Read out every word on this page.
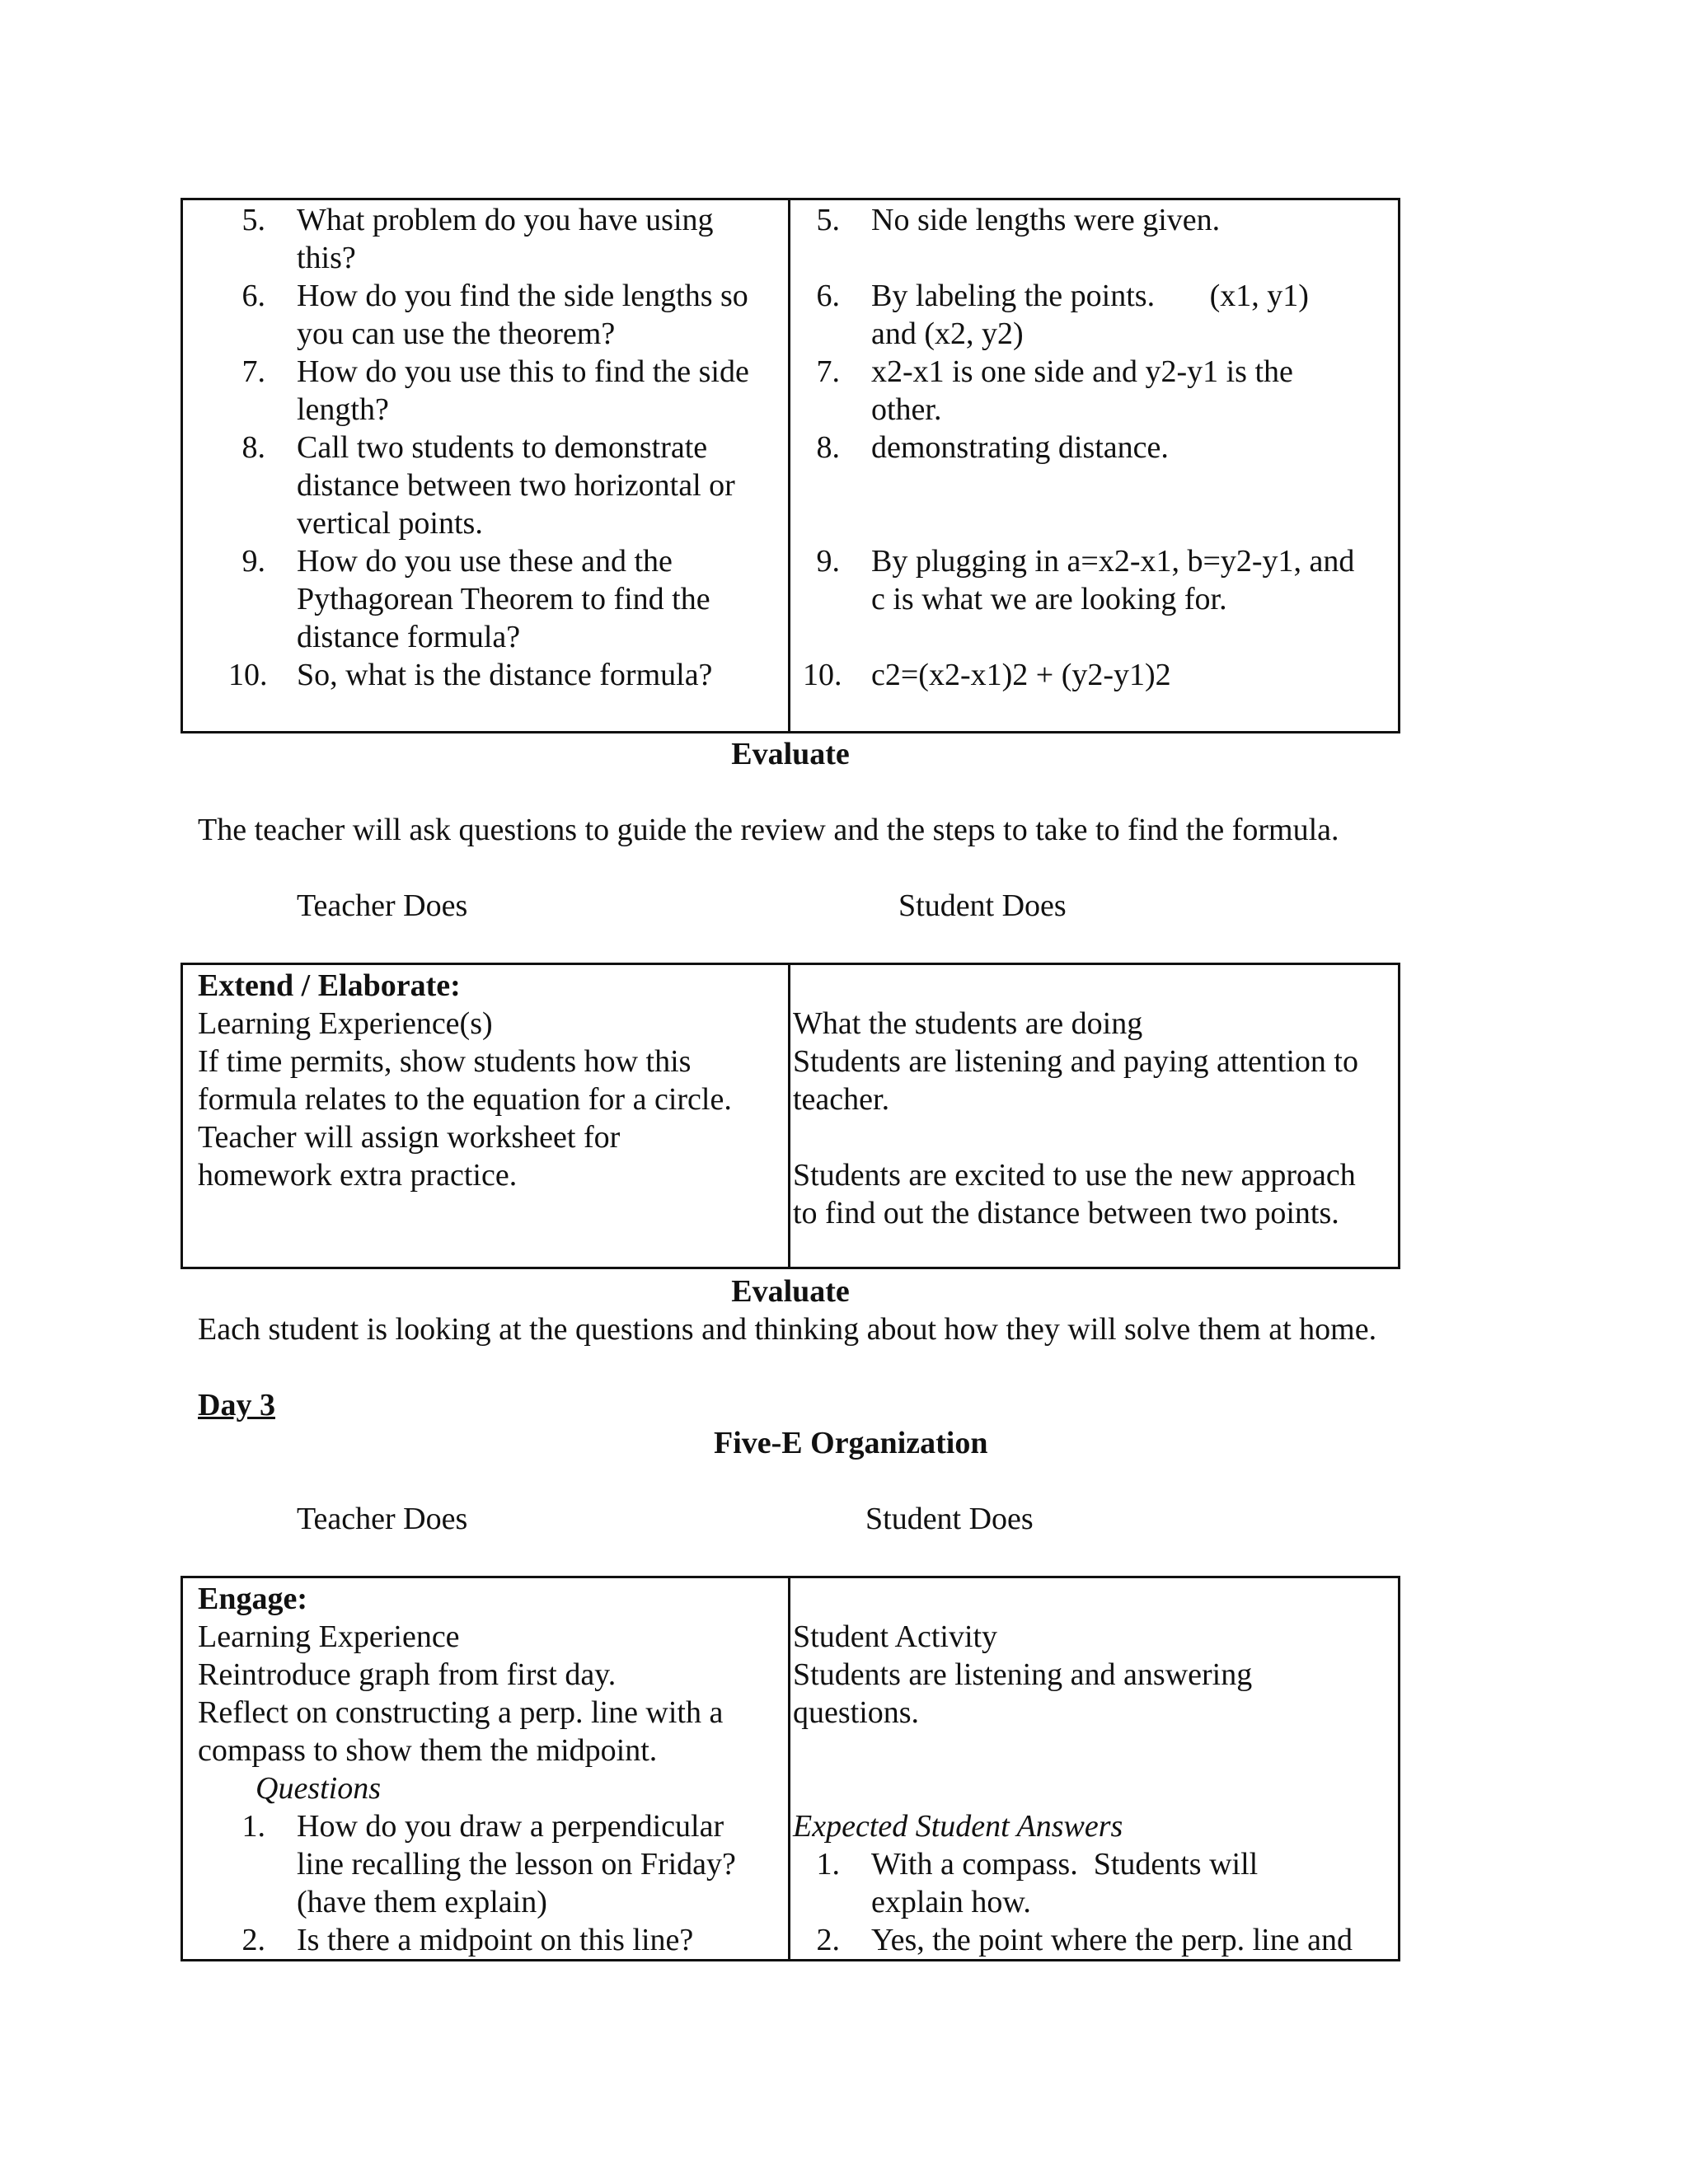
5. What problem do you have using
this?
6. How do you find the side lengths so
you can use the theorem?
7. How do you use this to find the side
length?
8. Call two students to demonstrate
distance between two horizontal or
vertical points.
9. How do you use these and the
Pythagorean Theorem to find the
distance formula?
10. So, what is the distance formula?
5. No side lengths were given.
6. By labeling the points.       (x1, y1)
and (x2, y2)
7. x2-x1 is one side and y2-y1 is the
other.
8. demonstrating distance.
9. By plugging in a=x2-x1, b=y2-y1, and
c is what we are looking for.
10. c2=(x2-x1)2 + (y2-y1)2
Evaluate
The teacher will ask questions to guide the review and the steps to take to find the formula.
Teacher Does	Student Does
Extend / Elaborate:
Learning Experience(s)
If time permits, show students how this
formula relates to the equation for a circle.
Teacher will assign worksheet for
homework extra practice.
What the students are doing
Students are listening and paying attention to
teacher.
Students are excited to use the new approach
to find out the distance between two points.
Evaluate
Each student is looking at the questions and thinking about how they will solve them at home.
Day 3
Five-E Organization
Teacher Does	Student Does
Engage:
Learning Experience
Reintroduce graph from first day.
Reflect on constructing a perp. line with a
compass to show them the midpoint.
Questions
1. How do you draw a perpendicular
line recalling the lesson on Friday?
(have them explain)
2. Is there a midpoint on this line?
Student Activity
Students are listening and answering
questions.
Expected Student Answers
1. With a compass.  Students will
explain how.
2. Yes, the point where the perp. line and
